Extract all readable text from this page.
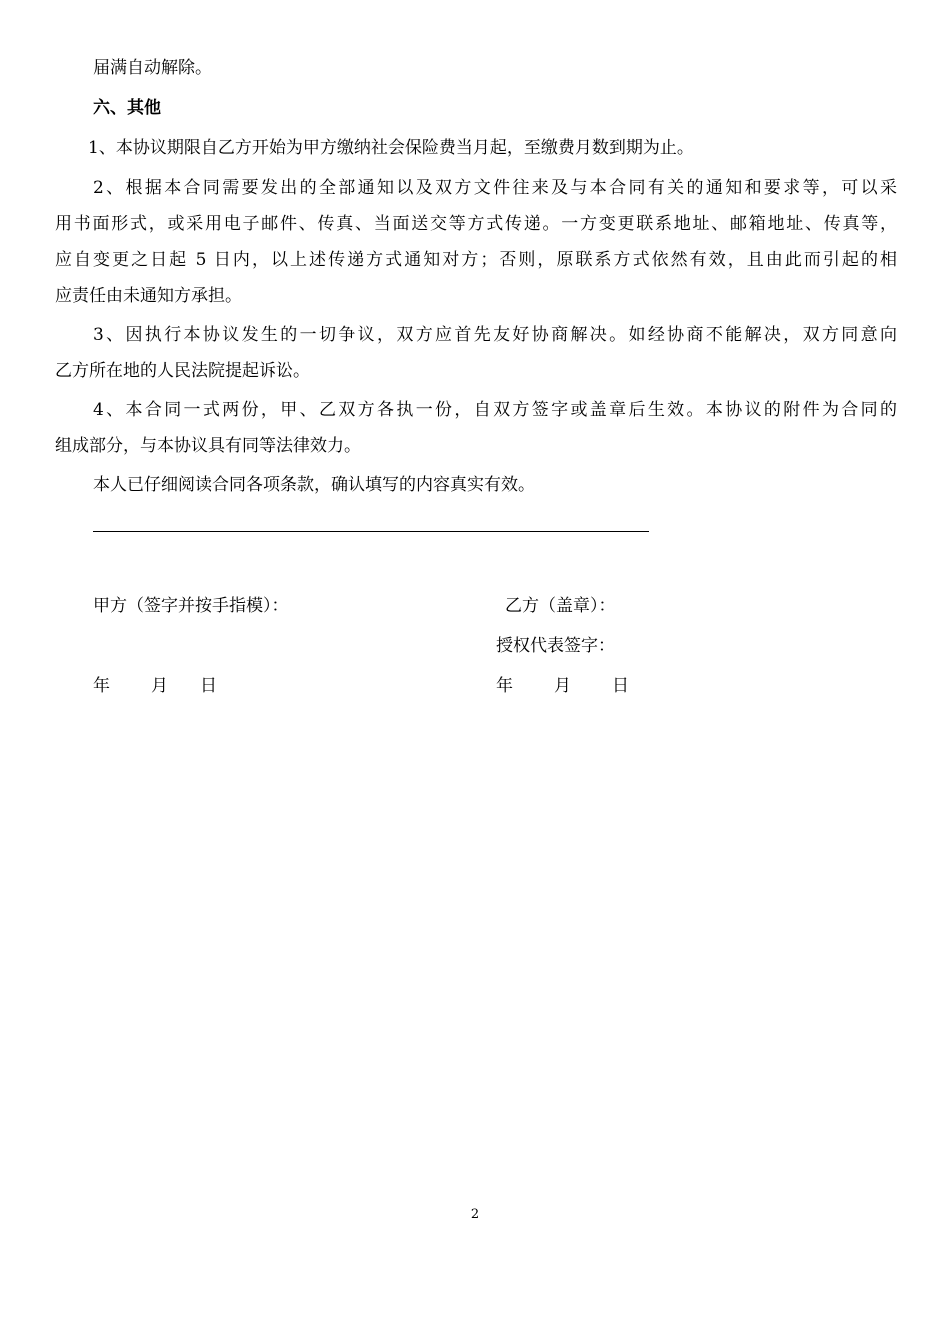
届满自动解除。
六、其他
1、本协议期限自乙方开始为甲方缴纳社会保险费当月起，至缴费月数到期为止。
2、根据本合同需要发出的全部通知以及双方文件往来及与本合同有关的通知和要求等，可以采
用书面形式，或采用电子邮件、传真、当面送交等方式传递。一方变更联系地址、邮箱地址、传真等，
应自变更之日起 5 日内，以上述传递方式通知对方；否则，原联系方式依然有效，且由此而引起的相
应责任由未通知方承担。
3、因执行本协议发生的一切争议，双方应首先友好协商解决。如经协商不能解决，双方同意向
乙方所在地的人民法院提起诉讼。
4、本合同一式两份，甲、乙双方各执一份，自双方签字或盖章后生效。本协议的附件为合同的
组成部分，与本协议具有同等法律效力。
本人已仔细阅读合同各项条款，确认填写的内容真实有效。
甲方（签字并按手指模）：	乙方（盖章）：
授权代表签字：
年 月 日	年 月 日
2
